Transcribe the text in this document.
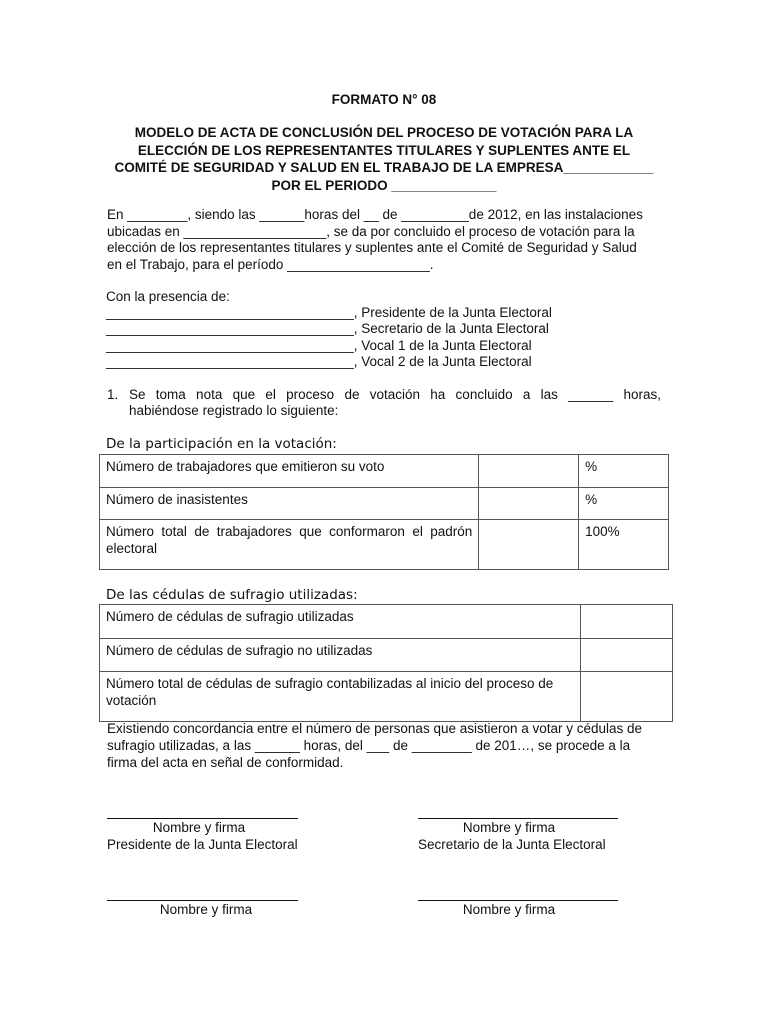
FORMATO N° 08
MODELO DE ACTA DE CONCLUSIÓN DEL PROCESO DE VOTACIÓN PARA LA
ELECCIÓN DE LOS REPRESENTANTES TITULARES Y SUPLENTES ANTE EL
COMITÉ DE SEGURIDAD Y SALUD EN EL TRABAJO DE LA EMPRESA____________
POR EL PERIODO ______________
En ________, siendo las ______horas del __ de _________de 2012, en las instalaciones
ubicadas en ___________________, se da por concluido el proceso de votación para la
elección de los representantes titulares y suplentes ante el Comité de Seguridad y Salud
en el Trabajo, para el período ___________________.
Con la presencia de:
_________________________________, Presidente de la Junta Electoral
_________________________________, Secretario de la Junta Electoral
_________________________________, Vocal 1 de la Junta Electoral
_________________________________, Vocal 2 de la Junta Electoral
1. Se toma nota que el proceso de votación ha concluido a las ______ horas,
habiéndose registrado lo siguiente:
De la participación en la votación:
Número de trabajadores que emitieron su voto		%
Número de inasistentes		%
Número total de trabajadores que conformaron el padrón electoral		100%
De las cédulas de sufragio utilizadas:
Número de cédulas de sufragio utilizadas	
Número de cédulas de sufragio no utilizadas	
Número total de cédulas de sufragio contabilizadas al inicio del proceso de votación	
Existiendo concordancia entre el número de personas que asistieron a votar y cédulas de
sufragio utilizadas, a las ______ horas, del ___ de ________ de 201…, se procede a la
firma del acta en señal de conformidad.
Nombre y firma
Presidente de la Junta Electoral
Nombre y firma
Secretario de la Junta Electoral
Nombre y firma	Nombre y firma
